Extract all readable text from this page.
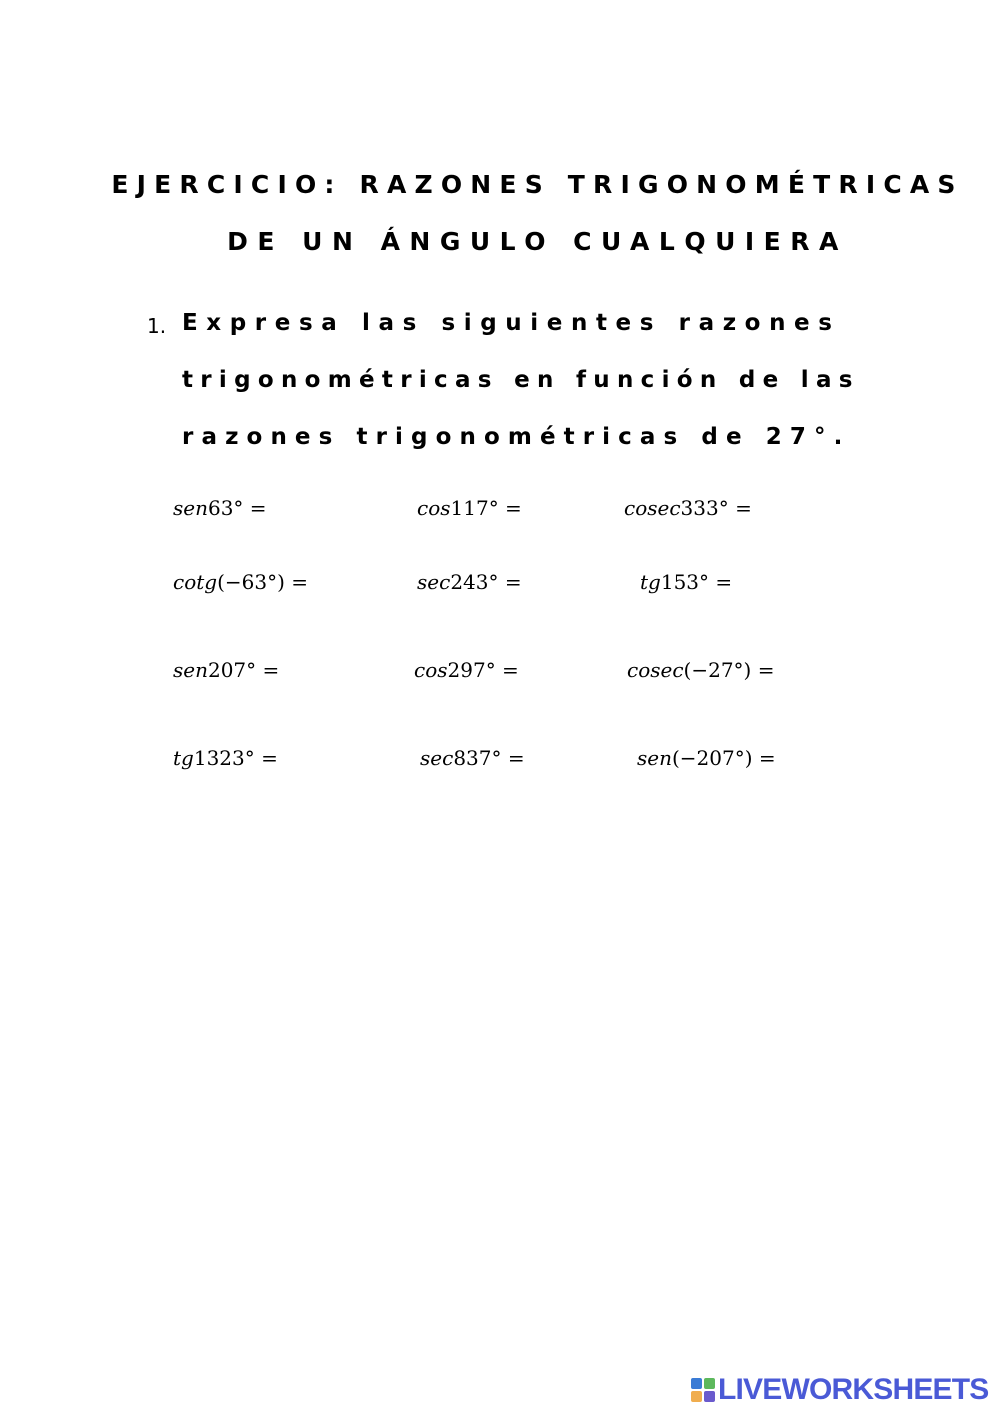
EJERCICIO: RAZONES TRIGONOMÉTRICAS
DE UN ÁNGULO CUALQUIERA
1. Expresa las siguientes razones
trigonométricas en función de las
razones trigonométricas de 27°.
sen63° =	cos117° =	cosec333° =
cotg(−63°) =	sec243° =	tg153° =
sen207° =	cos297° =	cosec(−27°) =
tg1323° =	sec837° =	sen(−207°) =
LIVEWORKSHEETS
